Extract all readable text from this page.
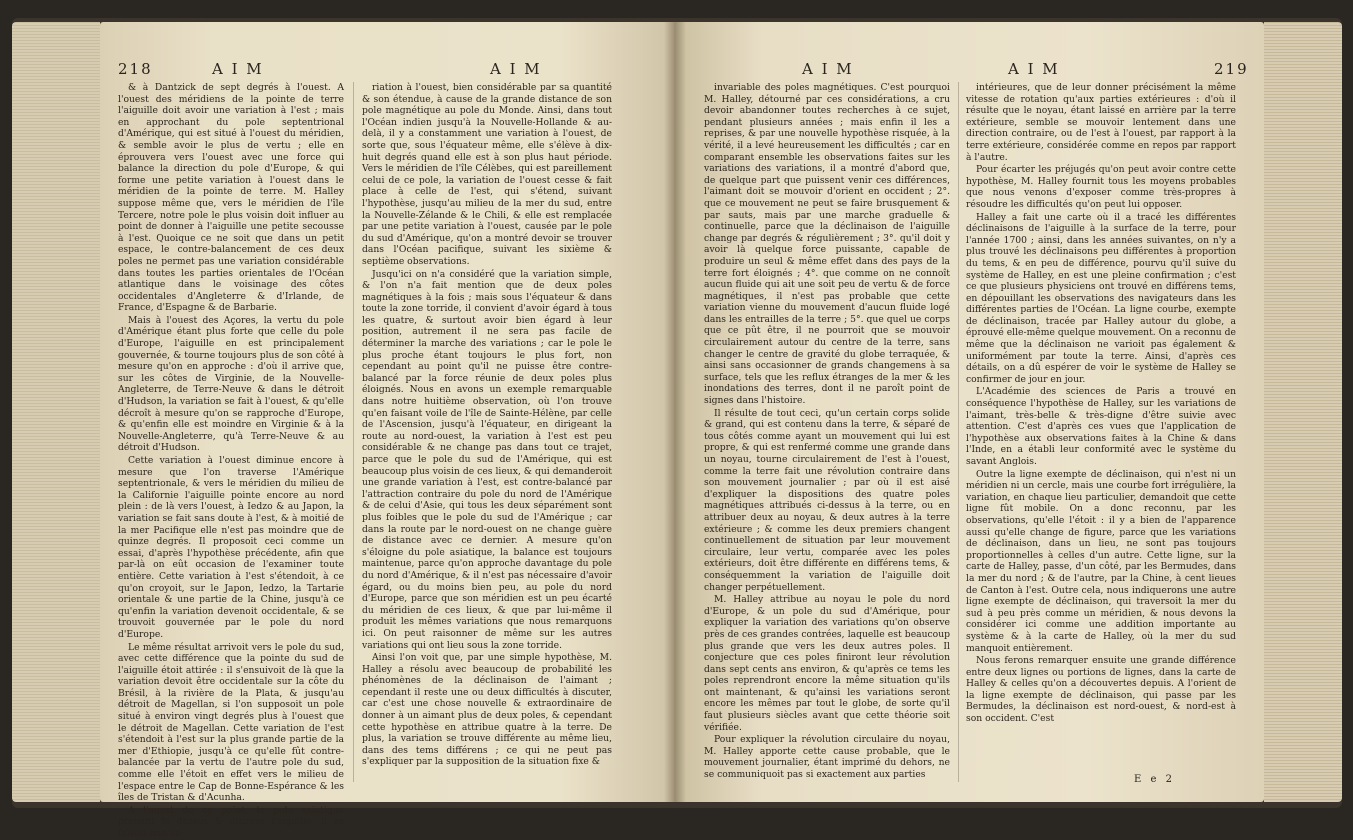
218	A I M	A I M

& à Dantzick de sept degrés à l'ouest. A l'ouest des méridiens de la pointe de terre l'aiguille doit avoir une variation à l'est ; mais en approchant du pole septentrional d'Amérique, qui est situé à l'ouest du méridien, & semble avoir le plus de vertu ; elle en éprouvera vers l'ouest avec une force qui balance la direction du pole d'Europe, & qui forme une petite variation à l'ouest dans le méridien de la pointe de terre. M. Halley suppose même que, vers le méridien de l'île Tercere, notre pole le plus voisin doit influer au point de donner à l'aiguille une petite secousse à l'est. Quoique ce ne soit que dans un petit espace, le contre-balancement de ces deux poles ne permet pas une variation considérable dans toutes les parties orientales de l'Océan atlantique dans le voisinage des côtes occidentales d'Angleterre & d'Irlande, de France, d'Espagne & de Barbarie.

Mais à l'ouest des Açores, la vertu du pole d'Amérique étant plus forte que celle du pole d'Europe, l'aiguille en est principalement gouvernée, & tourne toujours plus de son côté à mesure qu'on en approche : d'où il arrive que, sur les côtes de Virginie, de la Nouvelle-Angleterre, de Terre-Neuve & dans le détroit d'Hudson, la variation se fait à l'ouest, & qu'elle décroît à mesure qu'on se rapproche d'Europe, & qu'enfin elle est moindre en Virginie & à la Nouvelle-Angleterre, qu'à Terre-Neuve & au détroit d'Hudson.

Cette variation à l'ouest diminue encore à mesure que l'on traverse l'Amérique septentrionale, & vers le méridien du milieu de la Californie l'aiguille pointe encore au nord plein : de là vers l'ouest, à Iedzo & au Japon, la variation se fait sans doute à l'est, & à moitié de la mer Pacifique elle n'est pas moindre que de quinze degrés. Il proposoit ceci comme un essai, d'après l'hypothèse précédente, afin que par-là on eût occasion de l'examiner toute entière. Cette variation à l'est s'étendoit, à ce qu'on croyoit, sur le Japon, Iedzo, la Tartarie orientale & une partie de la Chine, jusqu'à ce qu'enfin la variation devenoit occidentale, & se trouvoit gouvernée par le pole du nord d'Europe.

Le même résultat arrivoit vers le pole du sud, avec cette différence que la pointe du sud de l'aiguille étoit attirée : il s'ensuivoit de là que la variation devoit être occidentale sur la côte du Brésil, à la rivière de la Plata, & jusqu'au détroit de Magellan, si l'on supposoit un pole situé à environ vingt degrés plus à l'ouest que le détroit de Magellan. Cette variation de l'est s'étendoit à l'est sur la plus grande partie de la mer d'Ethiopie, jusqu'à ce qu'elle fût contre-balancée par la vertu de l'autre pole du sud, comme elle l'étoit en effet vers le milieu de l'espace entre le Cap de Bonne-Espérance & les îles de Tristan & d'Acunha.

A l'ouest de ce point, le pole asiatique prenant le dessus & attirant l'aiguille, il se faisoit une va-

riation à l'ouest, bien considérable par sa quantité & son étendue, à cause de la grande distance de son pole magnétique au pole du Monde. Ainsi, dans tout l'Océan indien jusqu'à la Nouvelle-Hollande & au-delà, il y a constamment une variation à l'ouest, de sorte que, sous l'équateur même, elle s'élève à dix-huit degrés quand elle est à son plus haut période. Vers le méridien de l'île Célèbes, qui est pareillement celui de ce pole, la variation de l'ouest cesse & fait place à celle de l'est, qui s'étend, suivant l'hypothèse, jusqu'au milieu de la mer du sud, entre la Nouvelle-Zélande & le Chili, & elle est remplacée par une petite variation à l'ouest, causée par le pole du sud d'Amérique, qu'on a montré devoir se trouver dans l'Océan pacifique, suivant les sixième & septième observations.

Jusqu'ici on n'a considéré que la variation simple, & l'on n'a fait mention que de deux poles magnétiques à la fois ; mais sous l'équateur & dans toute la zone torride, il convient d'avoir égard à tous les quatre, & surtout avoir bien égard à leur position, autrement il ne sera pas facile de déterminer la marche des variations ; car le pole le plus proche étant toujours le plus fort, non cependant au point qu'il ne puisse être contre-balancé par la force réunie de deux poles plus éloignés. Nous en avons un exemple remarquable dans notre huitième observation, où l'on trouve qu'en faisant voile de l'île de Sainte-Hélène, par celle de l'Ascension, jusqu'à l'équateur, en dirigeant la route au nord-ouest, la variation à l'est est peu considérable & ne change pas dans tout ce trajet, parce que le pole du sud de l'Amérique, qui est beaucoup plus voisin de ces lieux, & qui demanderoit une grande variation à l'est, est contre-balancé par l'attraction contraire du pole du nord de l'Amérique & de celui d'Asie, qui tous les deux séparément sont plus foibles que le pole du sud de l'Amérique ; car dans la route par le nord-ouest on ne change guère de distance avec ce dernier. A mesure qu'on s'éloigne du pole asiatique, la balance est toujours maintenue, parce qu'on approche davantage du pole du nord d'Amérique, & il n'est pas nécessaire d'avoir égard, ou du moins bien peu, au pole du nord d'Europe, parce que son méridien est un peu écarté du méridien de ces lieux, & que par lui-même il produit les mêmes variations que nous remarquons ici. On peut raisonner de même sur les autres variations qui ont lieu sous la zone torride.

Ainsi l'on voit que, par une simple hypothèse, M. Halley a résolu avec beaucoup de probabilité les phénomènes de la déclinaison de l'aimant ; cependant il reste une ou deux difficultés à discuter, car c'est une chose nouvelle & extraordinaire de donner à un aimant plus de deux poles, & cependant cette hypothèse en attribue quatre à la terre. De plus, la variation se trouve différente au même lieu, dans des tems différens ; ce qui ne peut pas s'expliquer par la supposition de la situation fixe &

A I M	A I M	219

invariable des poles magnétiques. C'est pourquoi M. Halley, détourné par ces considérations, a cru devoir abandonner toutes recherches à ce sujet, pendant plusieurs années ; mais enfin il les a reprises, & par une nouvelle hypothèse risquée, à la vérité, il a levé heureusement les difficultés ; car en comparant ensemble les observations faites sur les variations des variations, il a montré d'abord que, de quelque part que puissent venir ces différences, l'aimant doit se mouvoir d'orient en occident ; 2°. que ce mouvement ne peut se faire brusquement & par sauts, mais par une marche graduelle & continuelle, parce que la déclinaison de l'aiguille change par degrés & régulièrement ; 3°. qu'il doit y avoir là quelque force puissante, capable de produire un seul & même effet dans des pays de la terre fort éloignés ; 4°. que comme on ne connoît aucun fluide qui ait une soit peu de vertu & de force magnétiques, il n'est pas probable que cette variation vienne du mouvement d'aucun fluide logé dans les entrailles de la terre ; 5°. que quel ue corps que ce pût être, il ne pourroit que se mouvoir circulairement autour du centre de la terre, sans changer le centre de gravité du globe terraquée, & ainsi sans occasionner de grands changemens à sa surface, tels que les reflux étranges de la mer & les inondations des terres, dont il ne paroît point de signes dans l'histoire.

Il résulte de tout ceci, qu'un certain corps solide & grand, qui est contenu dans la terre, & séparé de tous côtés comme ayant un mouvement qui lui est propre, & qui est renfermé comme une grande dans un noyau, tourne circulairement de l'est à l'ouest, comme la terre fait une révolution contraire dans son mouvement journalier ; par où il est aisé d'expliquer la dispositions des quatre poles magnétiques attribués ci-dessus à la terre, ou en attribuer deux au noyau, & deux autres à la terre extérieure ; & comme les deux premiers changent continuellement de situation par leur mouvement circulaire, leur vertu, comparée avec les poles extérieurs, doit être différente en différens tems, & conséquemment la variation de l'aiguille doit changer perpétuellement.

M. Halley attribue au noyau le pole du nord d'Europe, & un pole du sud d'Amérique, pour expliquer la variation des variations qu'on observe près de ces grandes contrées, laquelle est beaucoup plus grande que vers les deux autres poles. Il conjecture que ces poles finiront leur révolution dans sept cents ans environ, & qu'après ce tems les poles reprendront encore la même situation qu'ils ont maintenant, & qu'ainsi les variations seront encore les mêmes par tout le globe, de sorte qu'il faut plusieurs siècles avant que cette théorie soit vérifiée.

Pour expliquer la révolution circulaire du noyau, M. Halley apporte cette cause probable, que le mouvement journalier, étant imprimé du dehors, ne se communiquoit pas si exactement aux parties

intérieures, que de leur donner précisément la même vitesse de rotation qu'aux parties extérieures : d'où il résulte que le noyau, étant laissé en arrière par la terre extérieure, semble se mouvoir lentement dans une direction contraire, ou de l'est à l'ouest, par rapport à la terre extérieure, considérée comme en repos par rapport à l'autre.

Pour écarter les préjugés qu'on peut avoir contre cette hypothèse, M. Halley fournit tous les moyens probables que nous venons d'exposer comme très-propres à résoudre les difficultés qu'on peut lui opposer.

Halley a fait une carte où il a tracé les différentes déclinaisons de l'aiguille à la surface de la terre, pour l'année 1700 ; ainsi, dans les années suivantes, on n'y a plus trouvé les déclinaisons peu différentes à proportion du tems, & en peu de différence, pourvu qu'il suive du système de Halley, en est une pleine confirmation ; c'est ce que plusieurs physiciens ont trouvé en différens tems, en dépouillant les observations des navigateurs dans les différentes parties de l'Océan. La ligne courbe, exempte de déclinaison, tracée par Halley autour du globe, a éprouvé elle-même quelque mouvement. On a reconnu de même que la déclinaison ne varioit pas également & uniformément par toute la terre. Ainsi, d'après ces détails, on a dû espérer de voir le système de Halley se confirmer de jour en jour.

L'Académie des sciences de Paris a trouvé en conséquence l'hypothèse de Halley, sur les variations de l'aimant, très-belle & très-digne d'être suivie avec attention. C'est d'après ces vues que l'application de l'hypothèse aux observations faites à la Chine & dans l'Inde, en a établi leur conformité avec le système du savant Anglois.

Outre la ligne exempte de déclinaison, qui n'est ni un méridien ni un cercle, mais une courbe fort irrégulière, la variation, en chaque lieu particulier, demandoit que cette ligne fût mobile. On a donc reconnu, par les observations, qu'elle l'étoit : il y a bien de l'apparence aussi qu'elle change de figure, parce que les variations de déclinaison, dans un lieu, ne sont pas toujours proportionnelles à celles d'un autre. Cette ligne, sur la carte de Halley, passe, d'un côté, par les Bermudes, dans la mer du nord ; & de l'autre, par la Chine, à cent lieues de Canton à l'est. Outre cela, nous indiquerons une autre ligne exempte de déclinaison, qui traversoit la mer du sud à peu près comme un méridien, & nous devons la considérer ici comme une addition importante au système & à la carte de Halley, où la mer du sud manquoit entièrement.

Nous ferons remarquer ensuite une grande différence entre deux lignes ou portions de lignes, dans la carte de Halley & celles qu'on a découvertes depuis. A l'orient de la ligne exempte de déclinaison, qui passe par les Bermudes, la déclinaison est nord-ouest, & nord-est à son occident. C'est

E e 2
